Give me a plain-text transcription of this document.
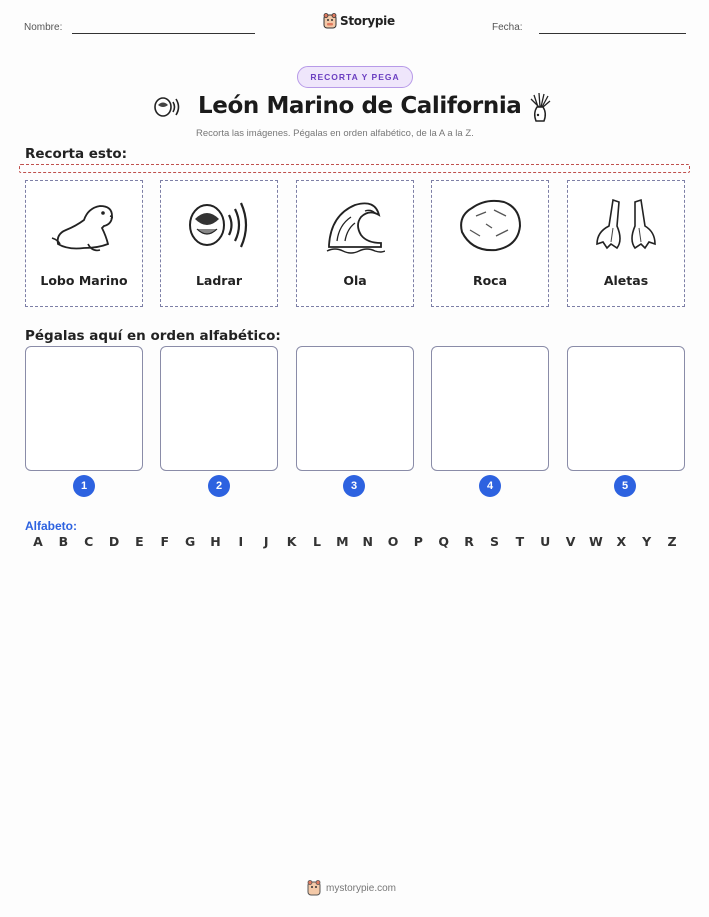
Nombre:	Storypie	Fecha:
RECORTA Y PEGA
León Marino de California
Recorta las imágenes. Pégalas en orden alfabético, de la A a la Z.
Recorta esto:
Lobo Marino	Ladrar	Ola	Roca	Aletas
Pégalas aquí en orden alfabético:
1	2	3	4	5
Alfabeto:
A B C D E F G H	I	J	K L M N O P Q R S T U V W X Y Z
mystorypie.com
